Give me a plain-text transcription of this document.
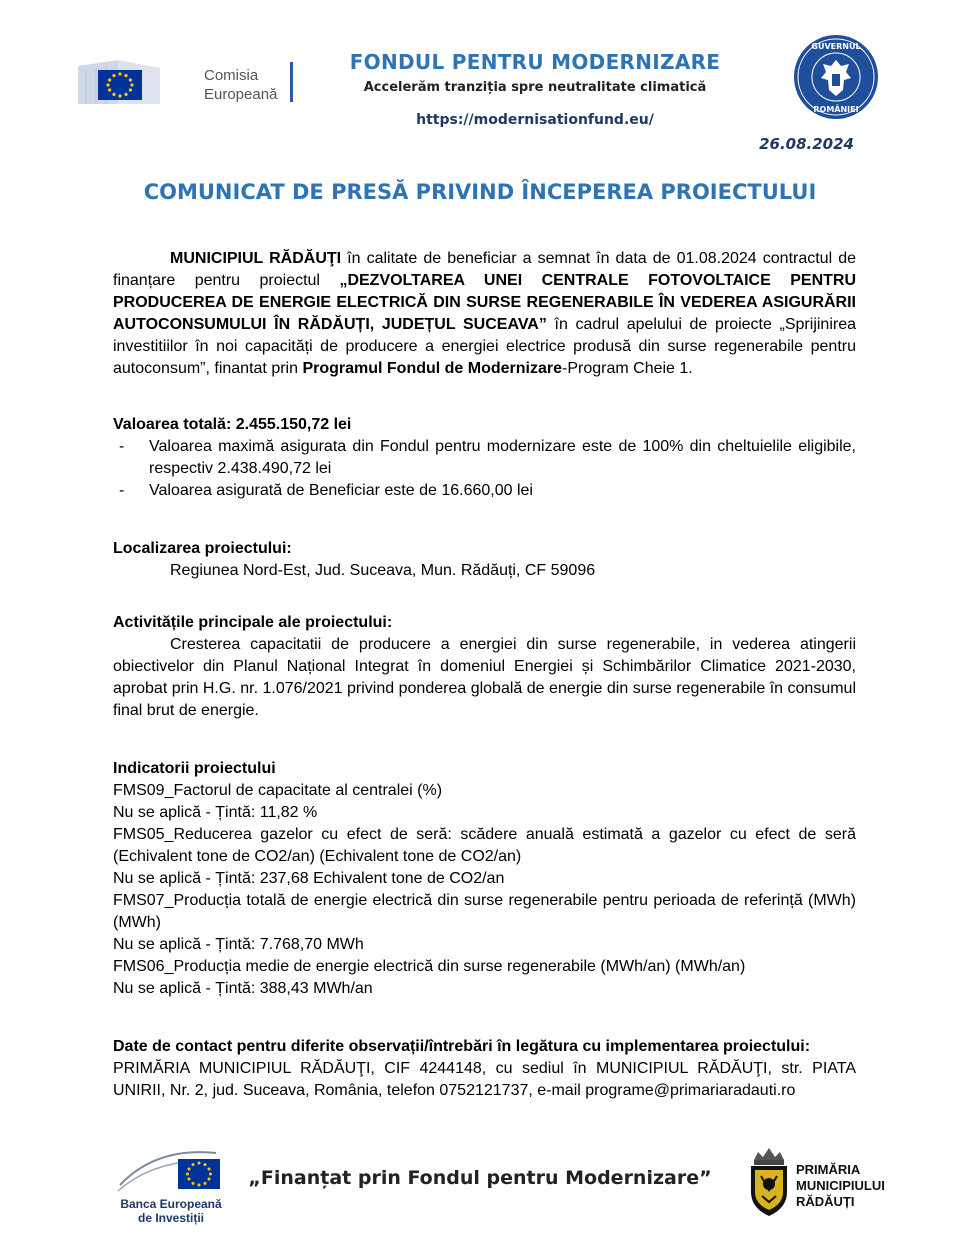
Comisia
Europeană
FONDUL PENTRU MODERNIZARE
Accelerăm tranziția spre neutralitate climatică
https://modernisationfund.eu/
GUVERNUL
ROMÂNIEI
26.08.2024
COMUNICAT DE PRESĂ PRIVIND ÎNCEPEREA PROIECTULUI

MUNICIPIUL RĂDĂUŢI în calitate de beneficiar a semnat în data de 01.08.2024 contractul de finanțare pentru proiectul „DEZVOLTAREA UNEI CENTRALE FOTOVOLTAICE PENTRU PRODUCEREA DE ENERGIE ELECTRICĂ DIN SURSE REGENERABILE ÎN VEDEREA ASIGURĂRII AUTOCONSUMULUI ÎN RĂDĂUȚI, JUDEȚUL SUCEAVA” în cadrul apelului de proiecte „Sprijinirea investitiilor în noi capacități de producere a energiei electrice produsă din surse regenerabile pentru autoconsum”, finantat prin Programul Fondul de Modernizare-Program Cheie 1.

Valoarea totală: 2.455.150,72 lei

- Valoarea maximă asigurata din Fondul pentru modernizare este de 100% din cheltuielile eligibile, respectiv 2.438.490,72 lei
- Valoarea asigurată de Beneficiar este de 16.660,00 lei

Localizarea proiectului:

Regiunea Nord-Est, Jud. Suceava, Mun. Rădăuți, CF 59096

Activitățile principale ale proiectului:

Cresterea capacitatii de producere a energiei din surse regenerabile, in vederea atingerii obiectivelor din Planul Național Integrat în domeniul Energiei și Schimbărilor Climatice 2021-2030, aprobat prin H.G. nr. 1.076/2021 privind ponderea globală de energie din surse regenerabile în consumul final brut de energie.

Indicatorii proiectului

FMS09_Factorul de capacitate al centralei (%)

Nu se aplică - Țintă: 11,82 %

FMS05_Reducerea gazelor cu efect de seră: scădere anuală estimată a gazelor cu efect de seră (Echivalent tone de CO2/an) (Echivalent tone de CO2/an)

Nu se aplică - Țintă: 237,68 Echivalent tone de CO2/an

FMS07_Producția totală de energie electrică din surse regenerabile pentru perioada de referință (MWh) (MWh)

Nu se aplică - Țintă: 7.768,70 MWh

FMS06_Producția medie de energie electrică din surse regenerabile (MWh/an) (MWh/an)

Nu se aplică - Țintă: 388,43 MWh/an

Date de contact pentru diferite observații/întrebări în legătura cu implementarea proiectului:

PRIMĂRIA MUNICIPIUL RĂDĂUŢI, CIF 4244148, cu sediul în MUNICIPIUL RĂDĂUŢI, str. PIATA UNIRII, Nr. 2, jud. Suceava, România, telefon 0752121737, e-mail programe@primariaradauti.ro

Banca Europeană
de Investiții
„Finanțat prin Fondul pentru Modernizare”	PRIMĂRIA
MUNICIPIULUI
RĂDĂUȚI
